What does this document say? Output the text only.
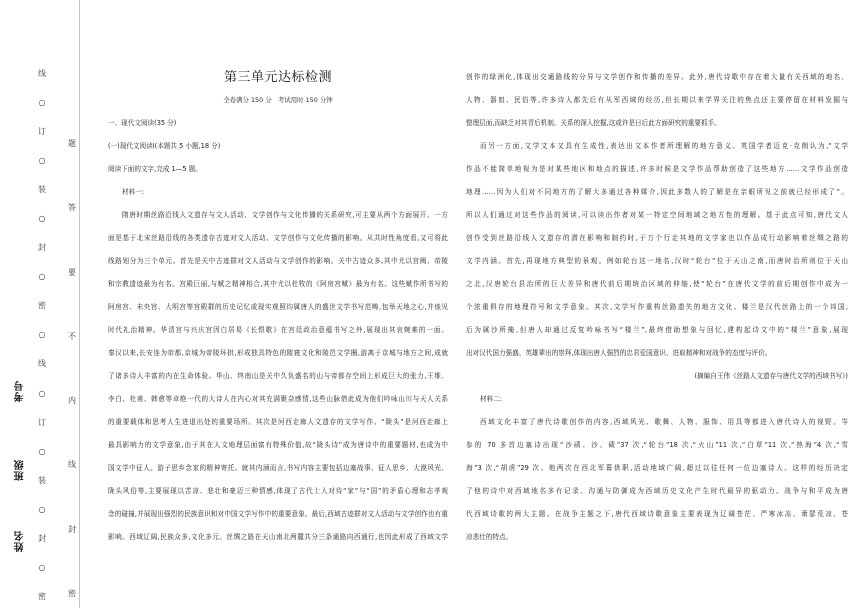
线
○
订
○
装
○
封
○
密
○
线
○
订
○
装
○
封
○
密
题
答
要
不
内
线
封
密
考号
班级
姓名
第三单元达标检测
全卷满分 150 分　考试用时 150 分钟
一、现代文阅读(35 分)
(一)现代文阅读Ⅰ(本题共 5 小题,18 分)
阅读下面的文字,完成 1—5 题。
材料一:
隋唐时期丝路沿线人文遗存与文人活动、文学创作与文化传播的关系研究,可主要从两个方面展开。一方
面是基于北宋丝路沿线的各类遗存古迹对文人活动、文学创作与文化传播的影响。从共时性角度看,又可将此
线路划分为三个单元。首先是关中古迹群对文人活动与文学创作的影响。关中古迹众多,其中尤以宫阙、帝陵
和宗教遗迹最为有名。宫殿巨丽,与赋之精神相合,其中尤以杜牧的《阿房宫赋》最为有名。这些赋作所书写的
阿房宫、未央宫、大明宫等宫殿群的历史记忆或现实观照均属唐人的盛世文学书写范畴,包举天地之心,并烛见
时代礼治精神。华清宫与兴庆宫因白居易《长恨歌》在宫廷政治意蕴书写之外,展现出其哀婉难的一面。
秦汉以来,长安连为帝都,京城为帝陵环拱,形成独具特色的陵寝文化和陵邑文学圈,游离于京城与地方之间,成就
了诸多诗人丰富的内在生命体验。华山、终南山是关中久负盛名的山与帝都存空间上形成巨大的张力,王维、
李白、杜甫、韩愈等卓绝一代的大诗人在内心对其充满聚杂感情,这些山脉借此成为他们吟咏山川与天人关系
的重要载体和思考人生进退出处的重要场所。其次是河西走廊人文遗存的文学写作。“陇头”是河西走廊上
最具影响力的文学意象,由于其在人文地理层面富有特殊价值,故“陇头诗”成为唐诗中的重要题材,也成为中
国文学中征人、游子思乡念家的精神寄托。就其内涵而言,书写内容主要包括边塞战事、征人思乡、大漠风光、
陇头风俗等,主要展现以苦凉、悲壮和豪迈三种情感,体现了古代士人对待“家”与“国”的矛盾心理和志孝观
念的碰撞,并展现出强烈的民族意识和对中国文学写作中的重要意象。最后,西域古迹群对文人活动与文学创作也有重
影响。西域辽阔,民族众多,文化多元。丝绸之路在天山南北两麓共分三条通路向西通行,也因此形成了西域文学
创作的绿洲化,体现出交通路线的分异与文学创作和传播的差异。此外,唐代诗歌中存在着大量有关西域的地名、
人物、器皿、民俗等,许多诗人都先后有从军西域的经历,但长期以来学界关注的焦点还主要停留在材料发掘与
整理层面,而缺乏对其背后机制、关系的深入挖掘,这或许是日后此方面研究的重要抓手。
而另一方面,文学文本又具有生成性,表达出文本作者所理解的地方意义。英国学者迈克·克朗认为,“文学
作品不能简单地视为是对某些地区和地点的描述,许多时候是文学作品帮助创造了这些地方……文学作品创造
地理……因为人们对不同地方的了解大多通过各种媒介,因此多数人的了解是在亲眼所见之前就已经形成了”。
所以人们通过对这些作品的阅读,可以读出作者对某一特定空间地域之地方性的理解。基于此点可知,唐代文人
创作受到丝路沿线人文遗存的潜在影响和制约时,于万个行走其地的文学家也以作品成行动影响着丝绸之路的
文学内涵。首先,再现地方典型的景观。例如轮台这一地名,汉时“轮台”位于天山之南,而唐时治所则位于天山
之北,汉唐轮台县治所的巨大差异和唐代前后期统治区域的伸缩,使“轮台”在唐代文学的前后期创作中成为一
个浓重俱存的地理符号和文学意象。其次,文学写作重构丝路遗失的地方文化。楼兰是汉代丝路上的一个邦国,
后为属沙所掩,但唐人却通过反复吟咏书写“楼兰”,最终借助想象与回忆,建构起诗文中的“楼兰”意象,展现
出对汉代国力强盛、英雄辈出的崇拜,体现出唐人强烈的忠君爱国意识、进取精神和对战争的态度与评价。
(摘编自王伟《丝路人文遗存与唐代文学的西域书写》)
材料二:
西域文化丰富了唐代诗歌创作的内容,西域风光、歌舞、人物、服饰、用具等都进入唐代诗人的视野。岑
参的 70 多首边塞诗出现“沙碛、沙、碛”37 次,“轮台”18 次,“火山”11 次,“白草”11 次,“热海”4 次,“雪
海”3 次,“胡虏”29 次。他两次在西北军幕供职,活动地域广阔,超过以往任何一位边塞诗人。这样的经历决定
了他的诗中对西域地名多有记录。沟通与防御成为西域历史文化产生时代最异的驱动力。战争与和平成为唐
代西域诗歌的两大主题。在战争主题之下,唐代西域诗歌意象主要表现为辽阔苍茫、严寒冰冻、萧瑟荒凉、苍
凉悲壮的特点。
